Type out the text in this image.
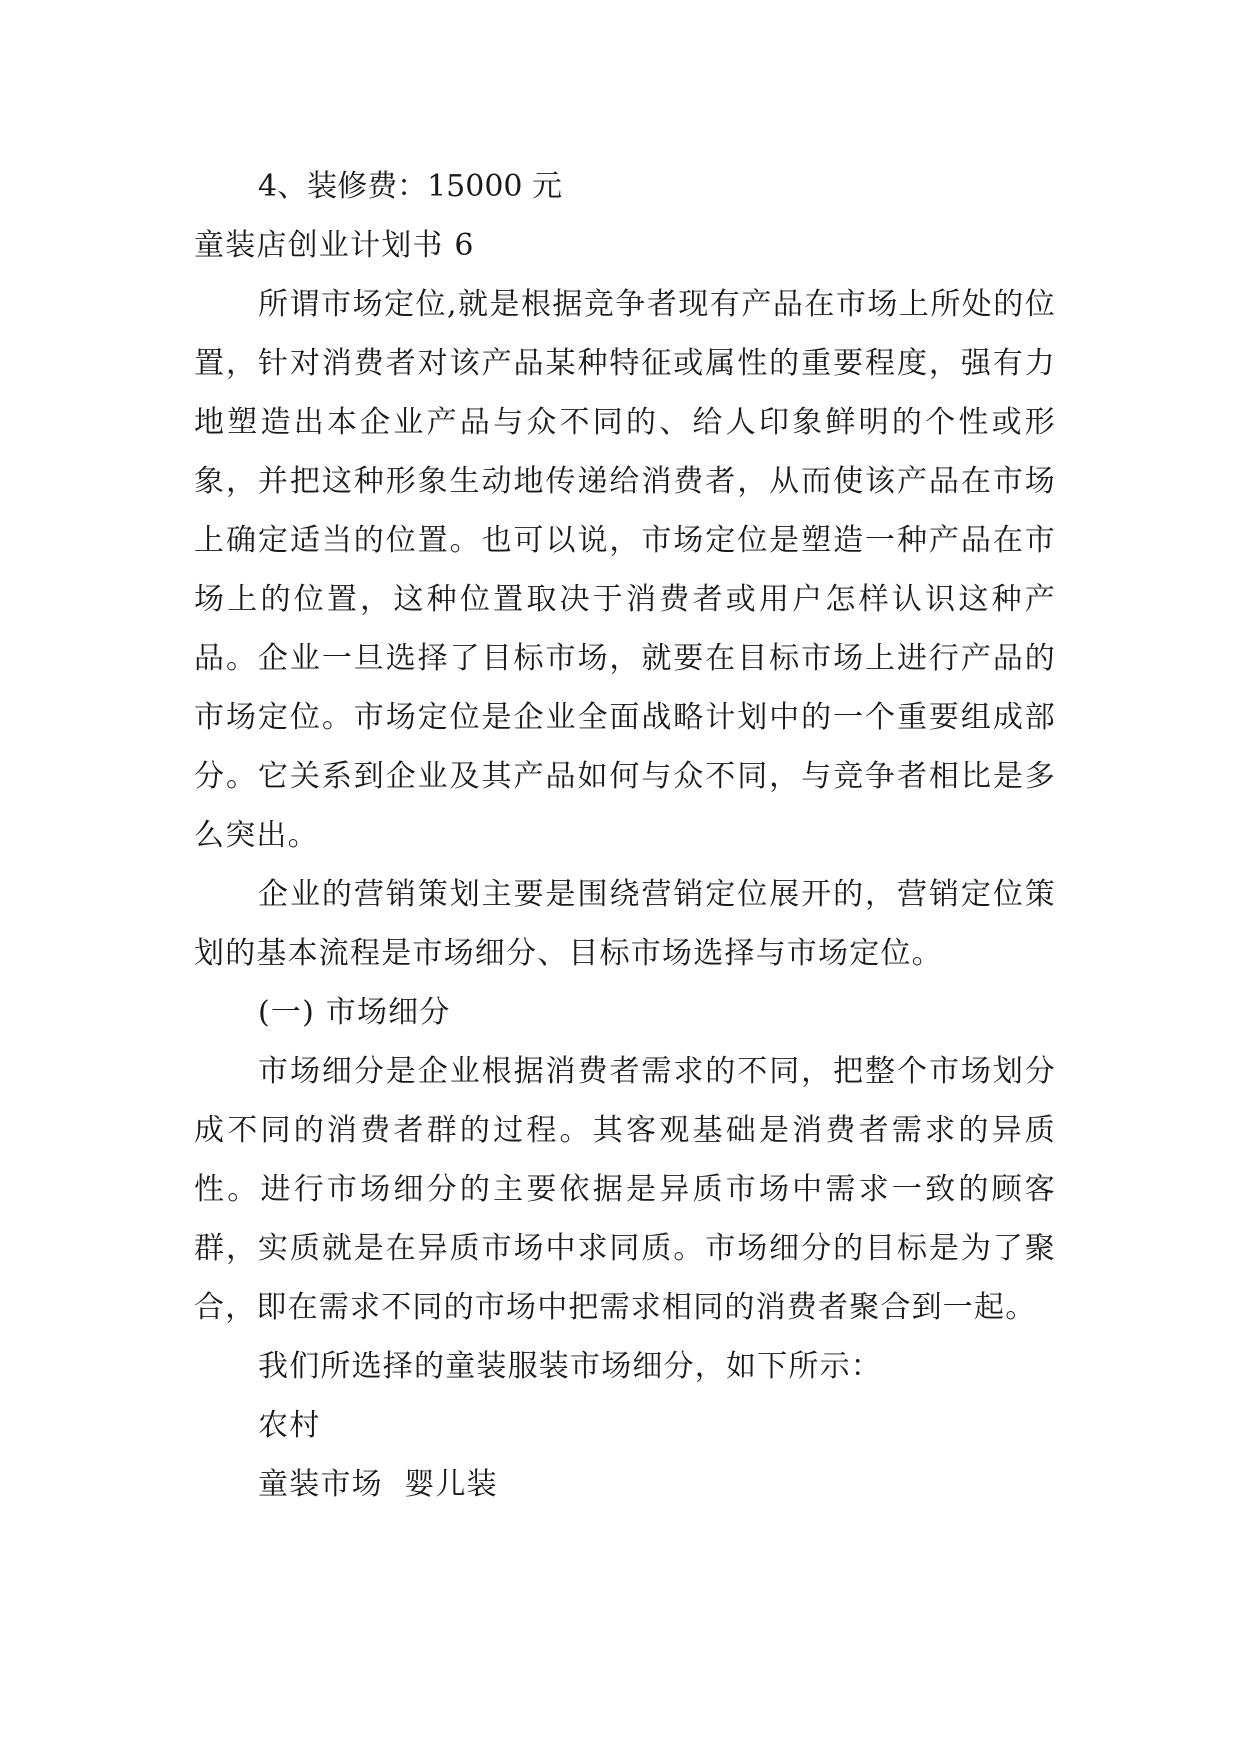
4、装修费：15000 元

童装店创业计划书 6

所谓市场定位,就是根据竞争者现有产品在市场上所处的位置，针对消费者对该产品某种特征或属性的重要程度，强有力地塑造出本企业产品与众不同的、给人印象鲜明的个性或形象，并把这种形象生动地传递给消费者，从而使该产品在市场上确定适当的位置。也可以说，市场定位是塑造一种产品在市场上的位置，这种位置取决于消费者或用户怎样认识这种产品。企业一旦选择了目标市场，就要在目标市场上进行产品的市场定位。市场定位是企业全面战略计划中的一个重要组成部分。它关系到企业及其产品如何与众不同，与竞争者相比是多么突出。

企业的营销策划主要是围绕营销定位展开的，营销定位策划的基本流程是市场细分、目标市场选择与市场定位。

(一) 市场细分

市场细分是企业根据消费者需求的不同，把整个市场划分成不同的消费者群的过程。其客观基础是消费者需求的异质性。进行市场细分的主要依据是异质市场中需求一致的顾客群，实质就是在异质市场中求同质。市场细分的目标是为了聚合，即在需求不同的市场中把需求相同的消费者聚合到一起。

我们所选择的童装服装市场细分，如下所示：

农村

童装市场  婴儿装
